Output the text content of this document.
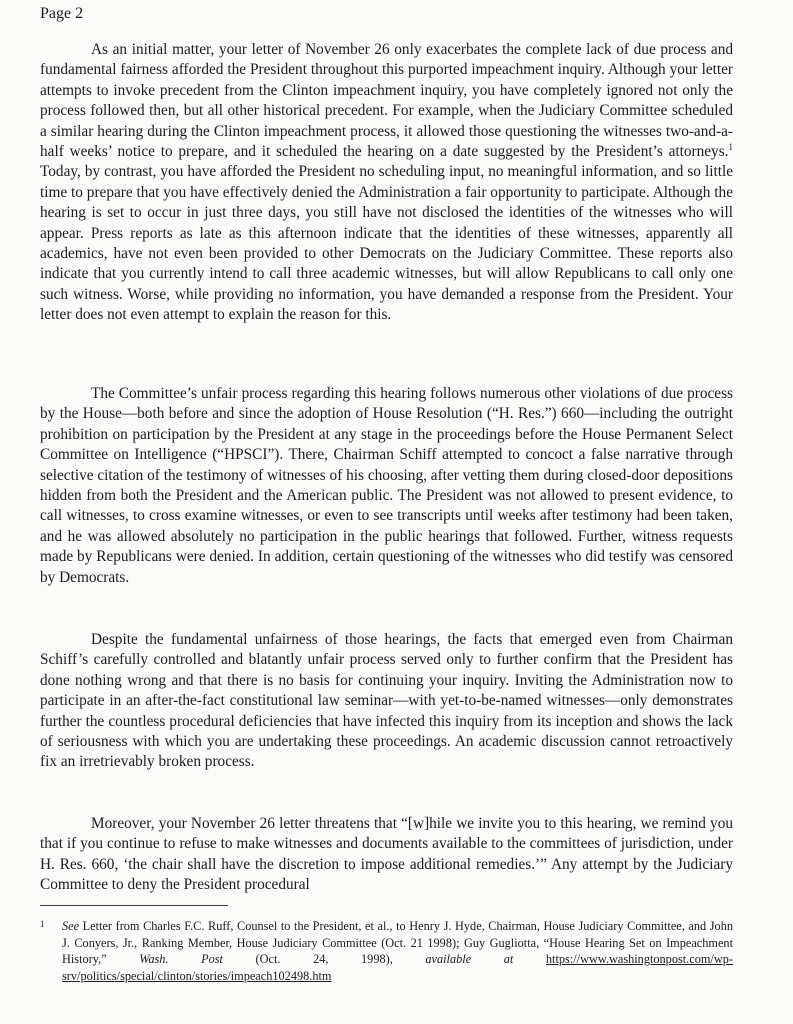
Page 2

As an initial matter, your letter of November 26 only exacerbates the complete lack of due process and fundamental fairness afforded the President throughout this purported impeachment inquiry. Although your letter attempts to invoke precedent from the Clinton impeachment inquiry, you have completely ignored not only the process followed then, but all other historical precedent. For example, when the Judiciary Committee scheduled a similar hearing during the Clinton impeachment process, it allowed those questioning the witnesses two-and-a-half weeks’ notice to prepare, and it scheduled the hearing on a date suggested by the President’s attorneys.$^1$ Today, by contrast, you have afforded the President no scheduling input, no meaningful information, and so little time to prepare that you have effectively denied the Administration a fair opportunity to participate. Although the hearing is set to occur in just three days, you still have not disclosed the identities of the witnesses who will appear. Press reports as late as this afternoon indicate that the identities of these witnesses, apparently all academics, have not even been provided to other Democrats on the Judiciary Committee. These reports also indicate that you currently intend to call three academic witnesses, but will allow Republicans to call only one such witness. Worse, while providing no information, you have demanded a response from the President. Your letter does not even attempt to explain the reason for this.

The Committee’s unfair process regarding this hearing follows numerous other violations of due process by the House—both before and since the adoption of House Resolution (“H. Res.”) 660—including the outright prohibition on participation by the President at any stage in the proceedings before the House Permanent Select Committee on Intelligence (“HPSCI”). There, Chairman Schiff attempted to concoct a false narrative through selective citation of the testimony of witnesses of his choosing, after vetting them during closed-door depositions hidden from both the President and the American public. The President was not allowed to present evidence, to call witnesses, to cross examine witnesses, or even to see transcripts until weeks after testimony had been taken, and he was allowed absolutely no participation in the public hearings that followed. Further, witness requests made by Republicans were denied. In addition, certain questioning of the witnesses who did testify was censored by Democrats.

Despite the fundamental unfairness of those hearings, the facts that emerged even from Chairman Schiff’s carefully controlled and blatantly unfair process served only to further confirm that the President has done nothing wrong and that there is no basis for continuing your inquiry. Inviting the Administration now to participate in an after-the-fact constitutional law seminar—with yet-to-be-named witnesses—only demonstrates further the countless procedural deficiencies that have infected this inquiry from its inception and shows the lack of seriousness with which you are undertaking these proceedings. An academic discussion cannot retroactively fix an irretrievably broken process.

Moreover, your November 26 letter threatens that “[w]hile we invite you to this hearing, we remind you that if you continue to refuse to make witnesses and documents available to the committees of jurisdiction, under H. Res. 660, ‘the chair shall have the discretion to impose additional remedies.’” Any attempt by the Judiciary Committee to deny the President procedural

1	See Letter from Charles F.C. Ruff, Counsel to the President, et al., to Henry J. Hyde, Chairman, House Judiciary Committee, and John J. Conyers, Jr., Ranking Member, House Judiciary Committee (Oct. 21 1998); Guy Gugliotta, “House Hearing Set on Impeachment History,” Wash. Post (Oct. 24, 1998), available at	https://www.washingtonpost.com/wp-srv/politics/special/clinton/stories/impeach102498.htm
